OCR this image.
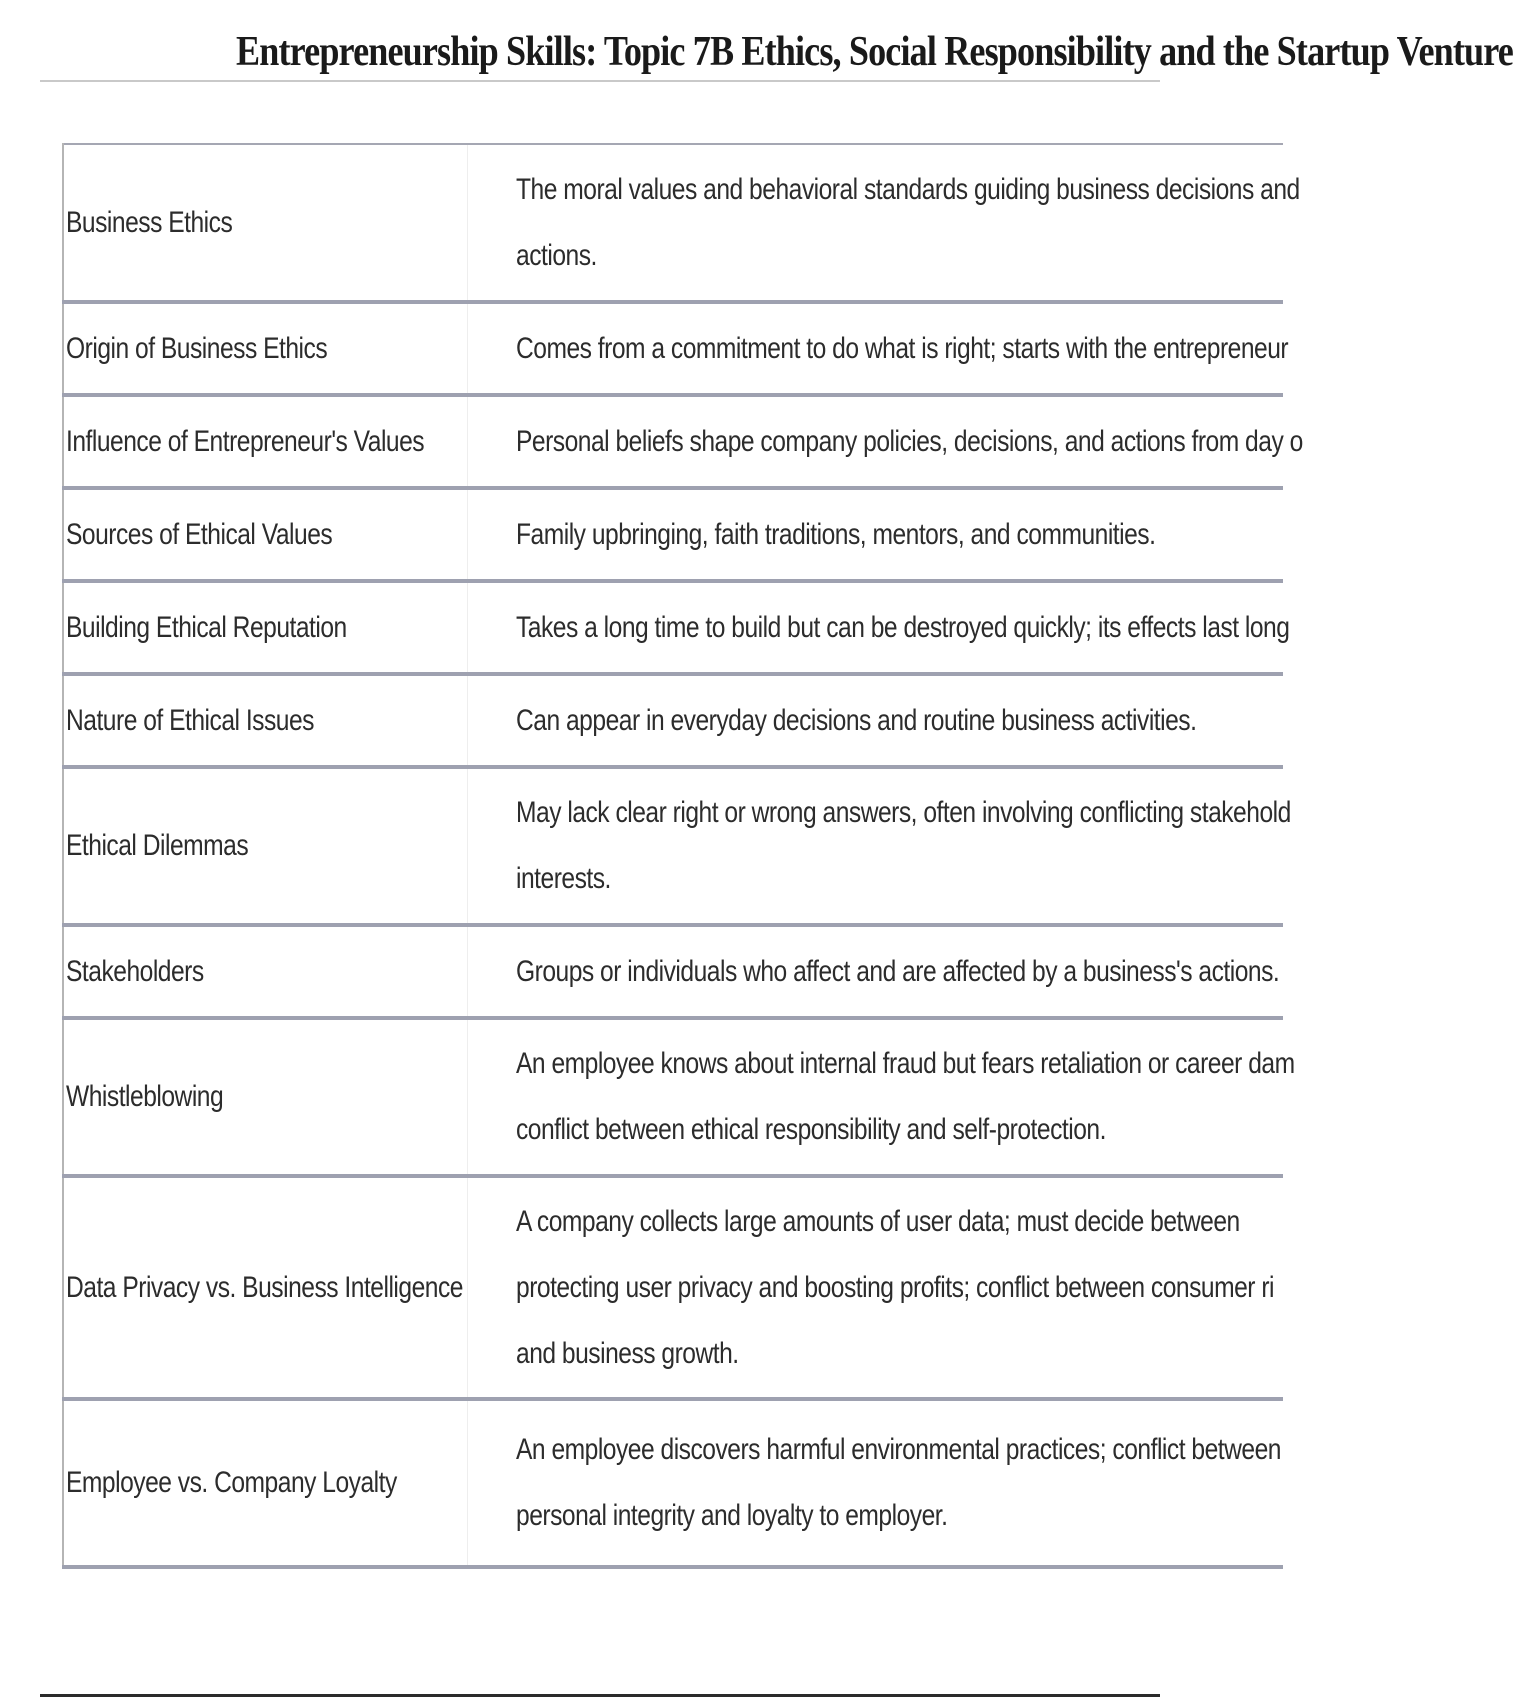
Entrepreneurship Skills: Topic 7B Ethics, Social Responsibility and the Startup Venture
Business Ethics	The moral values and behavioral standards guiding business decisions and
actions.
Origin of Business Ethics	Comes from a commitment to do what is right; starts with the entrepreneur
Influence of Entrepreneur's Values	Personal beliefs shape company policies, decisions, and actions from day o
Sources of Ethical Values	Family upbringing, faith traditions, mentors, and communities.
Building Ethical Reputation	Takes a long time to build but can be destroyed quickly; its effects last long
Nature of Ethical Issues	Can appear in everyday decisions and routine business activities.
Ethical Dilemmas	May lack clear right or wrong answers, often involving conflicting stakehold
interests.
Stakeholders	Groups or individuals who affect and are affected by a business's actions.
Whistleblowing	An employee knows about internal fraud but fears retaliation or career dam
conflict between ethical responsibility and self-protection.
Data Privacy vs. Business Intelligence	A company collects large amounts of user data; must decide between
protecting user privacy and boosting profits; conflict between consumer ri
and business growth.
Employee vs. Company Loyalty	An employee discovers harmful environmental practices; conflict between
personal integrity and loyalty to employer.
